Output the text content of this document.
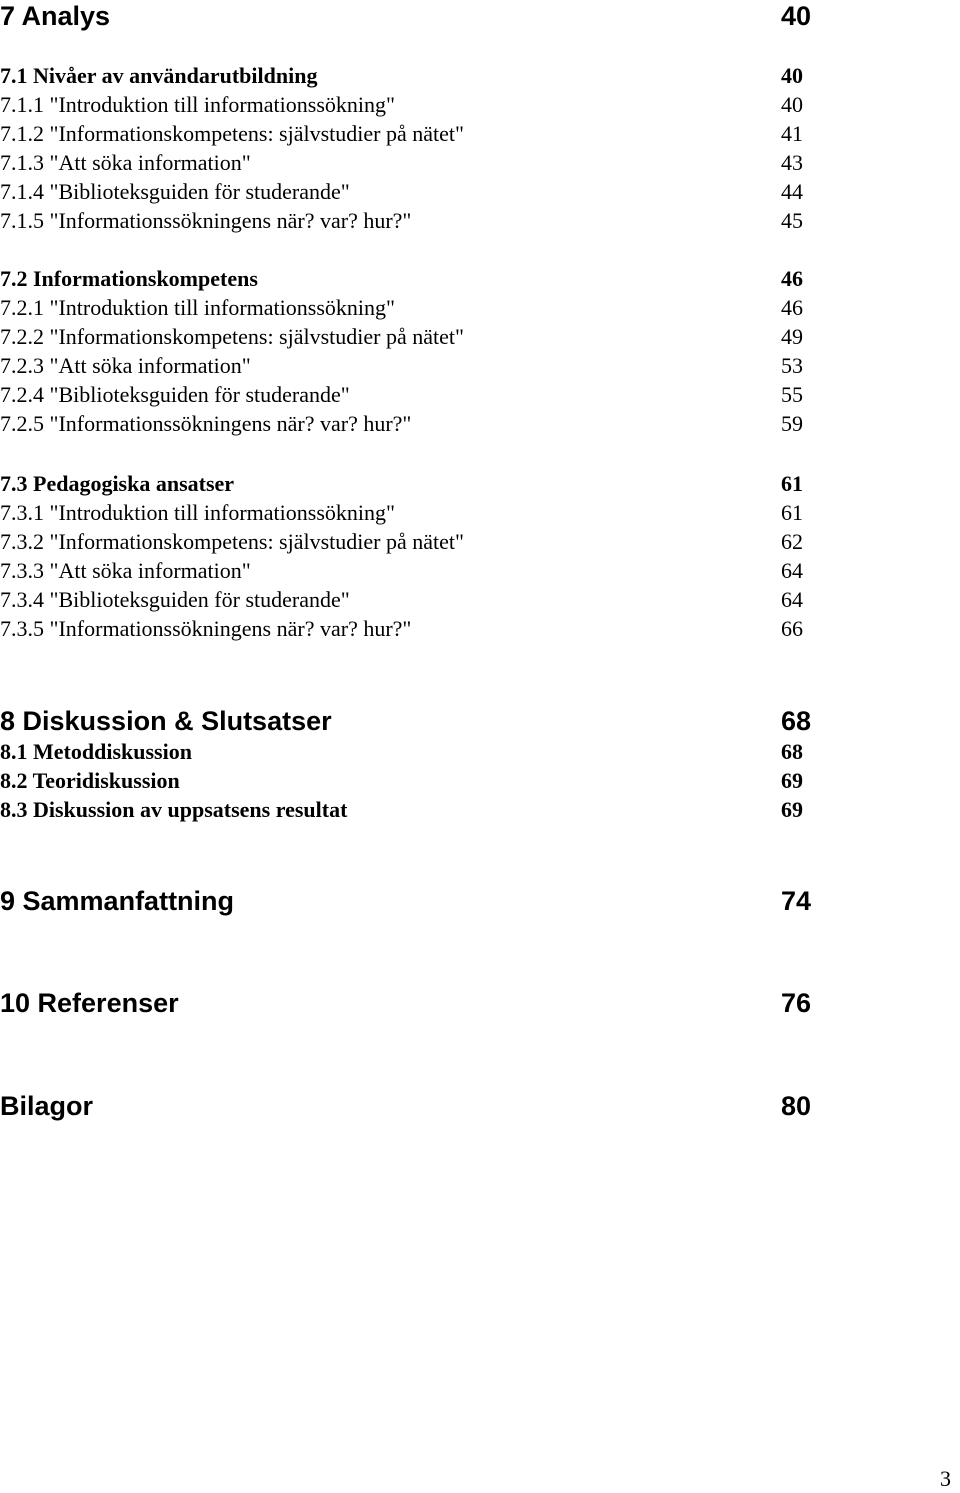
7 Analys	40
7.1 Nivåer av användarutbildning	40
7.1.1 "Introduktion till informationssökning"	40
7.1.2 "Informationskompetens: självstudier på nätet"	41
7.1.3 "Att söka information"	43
7.1.4 "Biblioteksguiden för studerande"	44
7.1.5 "Informationssökningens när? var? hur?"	45
7.2 Informationskompetens	46
7.2.1 "Introduktion till informationssökning"	46
7.2.2 "Informationskompetens: självstudier på nätet"	49
7.2.3 "Att söka information"	53
7.2.4 "Biblioteksguiden för studerande"	55
7.2.5 "Informationssökningens när? var? hur?"	59
7.3 Pedagogiska ansatser	61
7.3.1 "Introduktion till informationssökning"	61
7.3.2 "Informationskompetens: självstudier på nätet"	62
7.3.3 "Att söka information"	64
7.3.4 "Biblioteksguiden för studerande"	64
7.3.5 "Informationssökningens när? var? hur?"	66
8 Diskussion & Slutsatser	68
8.1 Metoddiskussion	68
8.2 Teoridiskussion	69
8.3 Diskussion av uppsatsens resultat	69
9 Sammanfattning	74
10 Referenser	76
Bilagor	80
3
